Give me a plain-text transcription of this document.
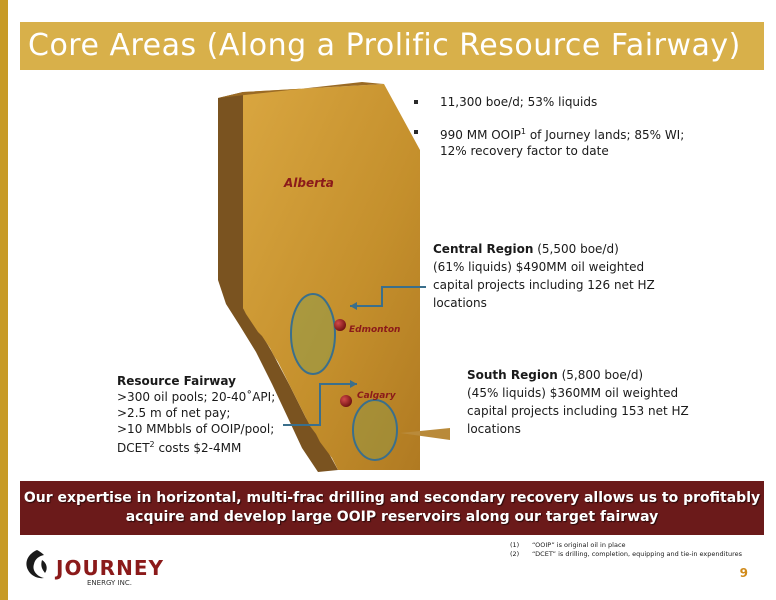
Core Areas (Along a Prolific Resource Fairway)
Alberta
Edmonton
Calgary
11,300 boe/d; 53% liquids
990 MM OOIP$^1$ of Journey lands; 85% WI; 12% recovery factor to date
Central Region (5,500 boe/d)
(61% liquids) $490MM oil weighted capital projects including 126 net HZ locations
South Region (5,800 boe/d)
(45% liquids) $360MM oil weighted capital projects including 153 net HZ locations
Resource Fairway
>300 oil pools; 20-40˚API;
>2.5 m of net pay;
>10 MMbbls of OOIP/pool;
DCET$^2$ costs $2-4MM

Our expertise in horizontal, multi-frac drilling and secondary recovery allows us to profitably acquire and develop large OOIP reservoirs along our target fairway

(1) “OOIP” is original oil in place
(2) “DCET” is drilling, completion, equipping and tie-in expenditures
JOURNEY
ENERGY INC.
9
